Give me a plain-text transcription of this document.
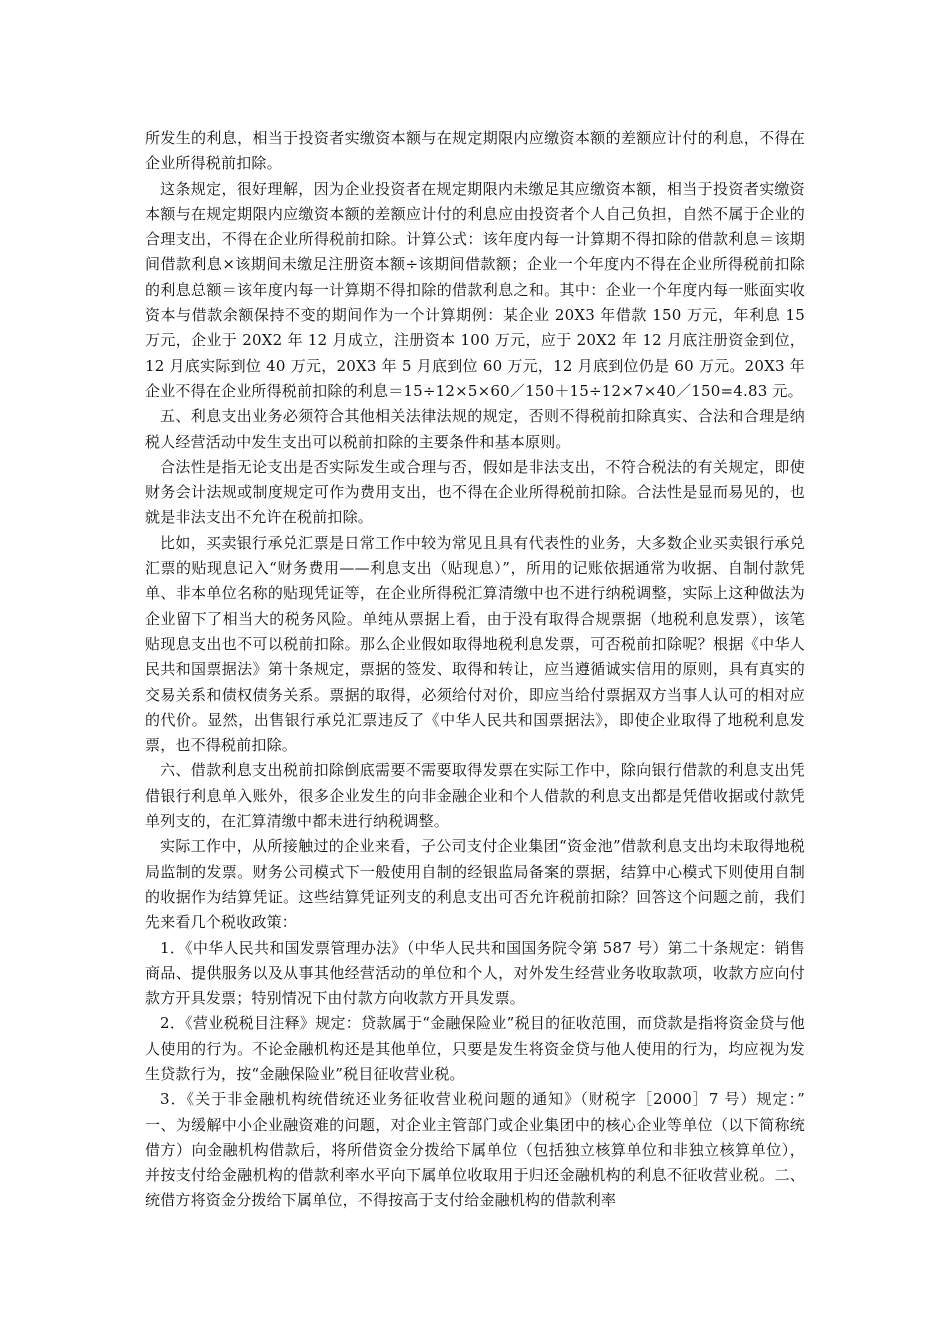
所发生的利息，相当于投资者实缴资本额与在规定期限内应缴资本额的差额应计付的利息，不得在企业所得税前扣除。

这条规定，很好理解，因为企业投资者在规定期限内未缴足其应缴资本额，相当于投资者实缴资本额与在规定期限内应缴资本额的差额应计付的利息应由投资者个人自己负担，自然不属于企业的合理支出，不得在企业所得税前扣除。计算公式：该年度内每一计算期不得扣除的借款利息＝该期间借款利息×该期间未缴足注册资本额÷该期间借款额；企业一个年度内不得在企业所得税前扣除的利息总额＝该年度内每一计算期不得扣除的借款利息之和。其中：企业一个年度内每一账面实收资本与借款余额保持不变的期间作为一个计算期例：某企业 20X3 年借款 150 万元，年利息 15 万元，企业于 20X2 年 12 月成立，注册资本 100 万元，应于 20X2 年 12 月底注册资金到位，12 月底实际到位 40 万元，20X3 年 5 月底到位 60 万元，12 月底到位仍是 60 万元。20X3 年企业不得在企业所得税前扣除的利息＝15÷12×5×60／150＋15÷12×7×40／150=4.83 元。

五、利息支出业务必须符合其他相关法律法规的规定，否则不得税前扣除真实、合法和合理是纳税人经营活动中发生支出可以税前扣除的主要条件和基本原则。

合法性是指无论支出是否实际发生或合理与否，假如是非法支出，不符合税法的有关规定，即使财务会计法规或制度规定可作为费用支出，也不得在企业所得税前扣除。合法性是显而易见的，也就是非法支出不允许在税前扣除。

比如，买卖银行承兑汇票是日常工作中较为常见且具有代表性的业务，大多数企业买卖银行承兑汇票的贴现息记入“财务费用——利息支出（贴现息）”，所用的记账依据通常为收据、自制付款凭单、非本单位名称的贴现凭证等，在企业所得税汇算清缴中也不进行纳税调整，实际上这种做法为企业留下了相当大的税务风险。单纯从票据上看，由于没有取得合规票据（地税利息发票），该笔贴现息支出也不可以税前扣除。那么企业假如取得地税利息发票，可否税前扣除呢？根据《中华人民共和国票据法》第十条规定，票据的签发、取得和转让，应当遵循诚实信用的原则，具有真实的交易关系和债权债务关系。票据的取得，必须给付对价，即应当给付票据双方当事人认可的相对应的代价。显然，出售银行承兑汇票违反了《中华人民共和国票据法》，即使企业取得了地税利息发票，也不得税前扣除。

六、借款利息支出税前扣除倒底需要不需要取得发票在实际工作中，除向银行借款的利息支出凭借银行利息单入账外，很多企业发生的向非金融企业和个人借款的利息支出都是凭借收据或付款凭单列支的，在汇算清缴中都未进行纳税调整。

实际工作中，从所接触过的企业来看，子公司支付企业集团“资金池”借款利息支出均未取得地税局监制的发票。财务公司模式下一般使用自制的经银监局备案的票据，结算中心模式下则使用自制的收据作为结算凭证。这些结算凭证列支的利息支出可否允许税前扣除？回答这个问题之前，我们先来看几个税收政策：

1．《中华人民共和国发票管理办法》（中华人民共和国国务院令第 587 号）第二十条规定：销售商品、提供服务以及从事其他经营活动的单位和个人，对外发生经营业务收取款项，收款方应向付款方开具发票；特别情况下由付款方向收款方开具发票。

2．《营业税税目注释》规定：贷款属于“金融保险业”税目的征收范围，而贷款是指将资金贷与他人使用的行为。不论金融机构还是其他单位，只要是发生将资金贷与他人使用的行为，均应视为发生贷款行为，按“金融保险业”税目征收营业税。

3．《关于非金融机构统借统还业务征收营业税问题的通知》（财税字［2000］7 号）规定：” 一、为缓解中小企业融资难的问题，对企业主管部门或企业集团中的核心企业等单位（以下简称统借方）向金融机构借款后，将所借资金分拨给下属单位（包括独立核算单位和非独立核算单位），并按支付给金融机构的借款利率水平向下属单位收取用于归还金融机构的利息不征收营业税。二、统借方将资金分拨给下属单位，不得按高于支付给金融机构的借款利率
